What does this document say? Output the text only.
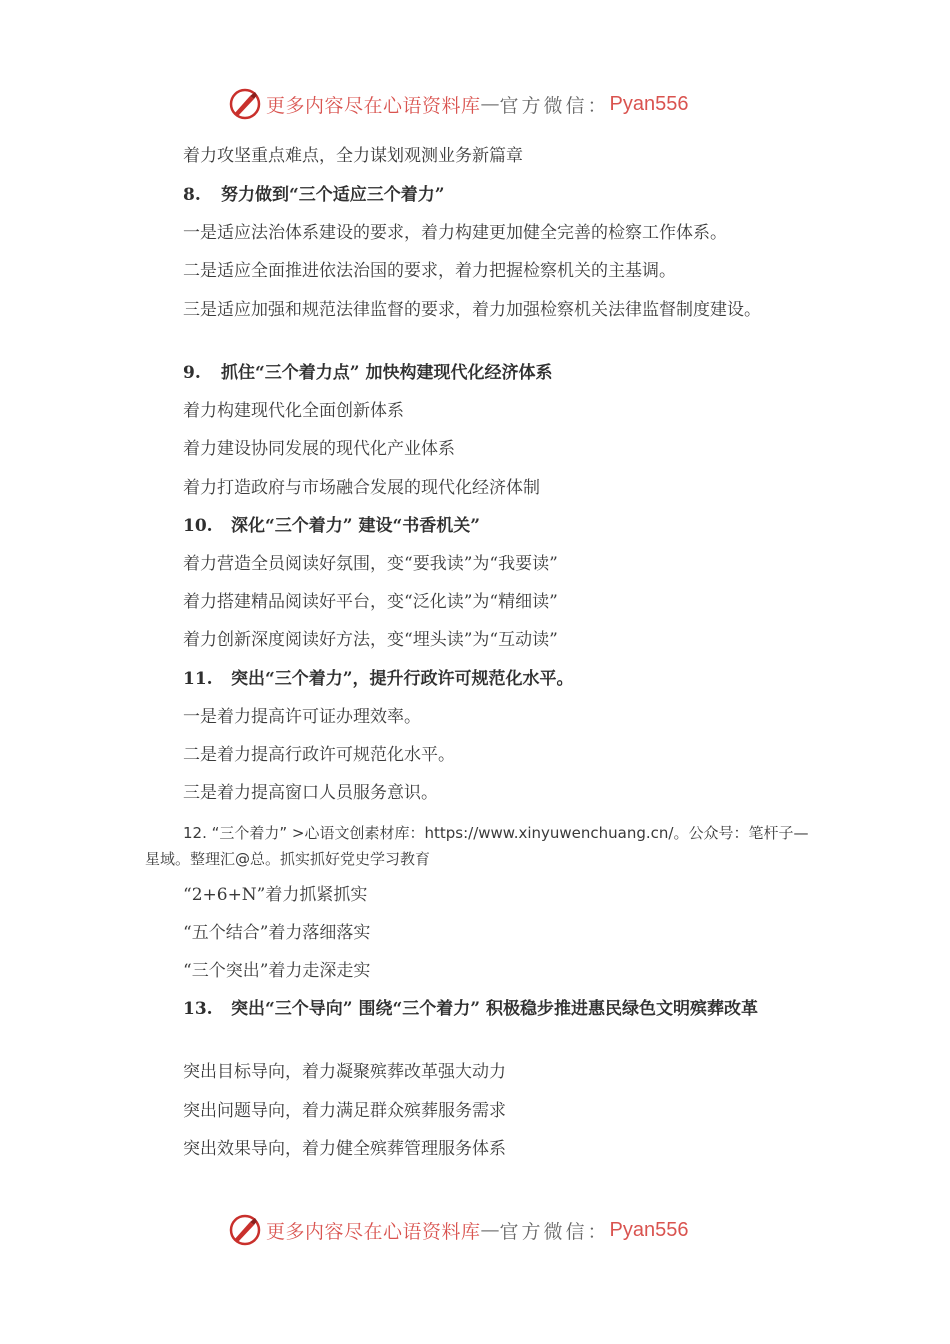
更多内容尽在心语资料库 — 官方微信： Pyan556
着力攻坚重点难点，全力谋划观测业务新篇章
8. 努力做到“三个适应三个着力”
一是适应法治体系建设的要求，着力构建更加健全完善的检察工作体系。
二是适应全面推进依法治国的要求，着力把握检察机关的主基调。
三是适应加强和规范法律监督的要求，着力加强检察机关法律监督制度建设。
9. 抓住“三个着力点” 加快构建现代化经济体系
着力构建现代化全面创新体系
着力建设协同发展的现代化产业体系
着力打造政府与市场融合发展的现代化经济体制
10. 深化“三个着力” 建设“书香机关”
着力营造全员阅读好氛围，变“要我读”为“我要读”
着力搭建精品阅读好平台，变“泛化读”为“精细读”
着力创新深度阅读好方法，变“埋头读”为“互动读”
11. 突出“三个着力”，提升行政许可规范化水平。
一是着力提高许可证办理效率。
二是着力提高行政许可规范化水平。
三是着力提高窗口人员服务意识。
12. “三个着力” >心语文创素材库：https://www.xinyuwenchuang.cn/。公众号：笔杆子—星域。整理汇@总。抓实抓好党史学习教育
“2+6+N”着力抓紧抓实
“五个结合”着力落细落实
“三个突出”着力走深走实
13. 突出“三个导向” 围绕“三个着力” 积极稳步推进惠民绿色文明殡葬改革
突出目标导向，着力凝聚殡葬改革强大动力
突出问题导向，着力满足群众殡葬服务需求
突出效果导向，着力健全殡葬管理服务体系
更多内容尽在心语资料库 — 官方微信： Pyan556
